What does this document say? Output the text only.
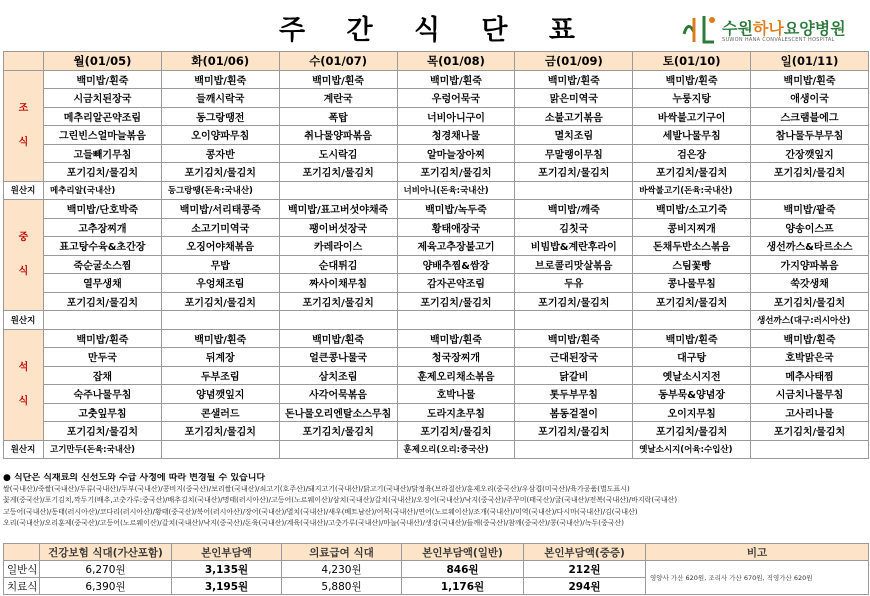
주 간 식 단 표	수원하나요양병원
SUWON HANA CONVALESCENT HOSPITAL
	월(01/05)	화(01/06)	수(01/07)	목(01/08)	금(01/09)	토(01/10)	일(01/11)
조
식	백미밥/흰죽	백미밥/흰죽	백미밥/흰죽	백미밥/흰죽	백미밥/흰죽	백미밥/흰죽	백미밥/흰죽
	시금치된장국	들깨시락국	계란국	우렁어묵국	맑은미역국	누룽지탕	애생이국
	메추리알곤약조림	동그랑땡전	폭탑	너비아니구이	소불고기볶음	바싹불고기구이	스크램블에그
	그린빈스얼마늘볶음	오이양파무침	취나물양파볶음	청경채나물	멸치조림	세발나물무침	참나물두부무침
	고들빼기무침	콩자반	도시락김	알마늘장아찌	무말랭이무침	검은장	간장깻잎지
	포기김치/물김치	포기김치/물김치	포기김치/물김치	포기김치/물김치	포기김치/물김치	포기김치/물김치	포기김치/물김치
원산지	메추리알(국내산)	동그랑땡(돈육:국내산)		너비아니(돈육:국내산)		바싹불고기(돈육:국내산)	
중
식	백미밥/단호박죽	백미밥/서리태콩죽	백미밥/표고버섯야채죽	백미밥/녹두죽	백미밥/깨죽	백미밥/소고기죽	백미밥/팥죽
	고추장찌개	소고기미역국	팽이버섯장국	황태애장국	김칫국	콩비지찌개	양송이스프
	표고탕수육&초간장	오징어야채볶음	카레라이스	제육고추장불고기	비빔밥&계란후라이	돈채두반소스볶음	생선까스&타르소스
	죽순굴소스찜	무밥	순대튀김	양배추찜&쌈장	브로콜리맛살볶음	스팀꽃빵	가지양파볶음
	열무생채	우엉채조림	짜사이채무침	감자곤약조림	두유	콩나물무침	쑥갓생채
	포기김치/물김치	포기김치/물김치	포기김치/물김치	포기김치/물김치	포기김치/물김치	포기김치/물김치	포기김치/물김치
원산지							생선까스(대구:러시아산)
석
식	백미밥/흰죽	백미밥/흰죽	백미밥/흰죽	백미밥/흰죽	백미밥/흰죽	백미밥/흰죽	백미밥/흰죽
	만두국	뒤계장	얼큰콩나물국	청국장찌개	근대된장국	대구탕	호박맑은국
	잡채	두부조림	삼치조림	훈제오리채소볶음	닭갈비	옛날소시지전	메추사태찜
	숙주나물무침	양념깻잎지	사각어묵볶음	호박나물	톳두부무침	동부묵&양념장	시금치나물무침
	고춧잎무침	콘샐러드	돈나물오리엔탈소스무침	도라지초무침	봄동겉절이	오이지무침	고사리나물
	포기김치/물김치	포기김치/물김치	포기김치/물김치	포기김치/물김치	포기김치/물김치	포기김치/물김치	포기김치/물김치
원산지	고기만두(돈육:국내산)			훈제오리(오리:중국산)		옛날소시지(어육:수입산)	
● 식단은 식재료의 신선도와 수급 사정에 따라 변경될 수 있습니다
쌀(국내산)/죽쌀(국내산)/두류(국내산)/두부(국내산)/콩비지(중국산)/보리쌀(국내산)/쇠고기(호주산)/돼지고기(국내산)/닭고기(국내산)/닭정육(브라질산)/훈제오리(중국산)/우삼겹(미국산)/육가공품(별도표시)
꽃게(중국산)/포기김치,깍두기(배추,고춧가루:중국산)/배추김치(국내산)/명태(러시아산)/고등어(노르웨이산)/삼치(국내산)/갈치(국내산)/오징어(국내산)/낙지(중국산)/주꾸미(태국산)/굴(국내산)/전복(국내산)/바지락(국내산)
고등어(국내산)/동태(러시아산)/코다리(러시아산)/황태(중국산)/북어(러시아산)/장어(국내산)/멸치(국내산)/새우(베트남산)/어묵(국내산)/연어(노르웨이산)/조개(국내산)/미역(국내산)/다시마(국내산)/김(국내산)
오리(국내산)/오리훈제(중국산)/고등어(노르웨이산)/갈치(국내산)/낙지(중국산)/돈육(국내산)/계육(국내산)/고춧가루(국내산)/마늘(국내산)/생강(국내산)/들깨(중국산)/참깨(중국산)/콩(국내산)/녹두(중국산)
	건강보험 식대(가산포함)	본인부담액	의료급여 식대	본인부담액(일반)	본인부담액(중증)	비고
일반식	6,270원	3,135원	4,230원	846원	212원	영양사 가산 620원, 조리사 가산 670원, 직영가산 620원
치료식	6,390원	3,195원	5,880원	1,176원	294원	
